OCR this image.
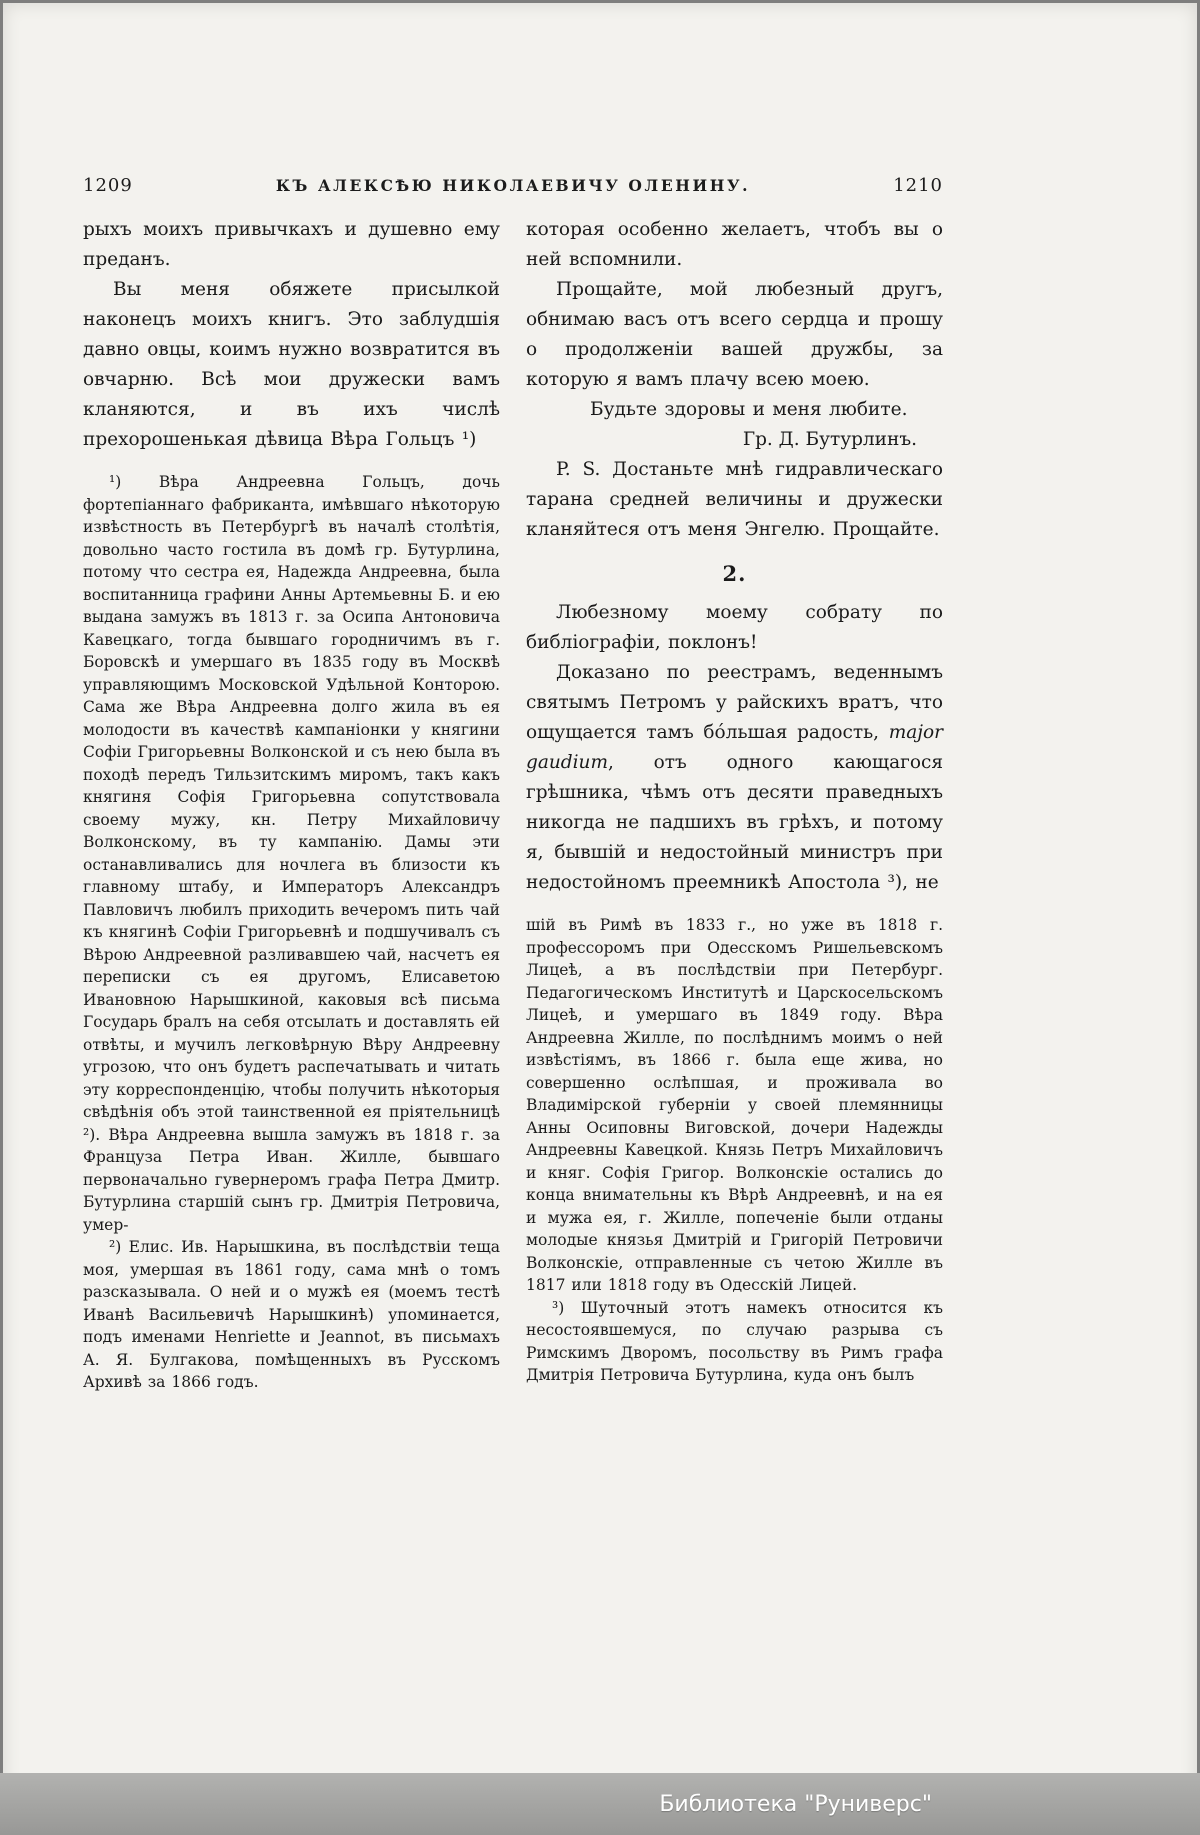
1209	КЪ АЛЕКСѢЮ НИКОЛАЕВИЧУ ОЛЕНИНУ.	1210

рыхъ моихъ привычкахъ и душевно ему преданъ.

Вы меня обяжете присылкой наконецъ моихъ книгъ. Это заблудшія давно овцы, коимъ нужно возвратится въ овчарню. Всѣ мои дружески вамъ кланяются, и въ ихъ числѣ прехорошенькая дѣвица Вѣра Гольцъ ¹)

¹) Вѣра Андреевна Гольцъ, дочь фортепіаннаго фабриканта, имѣвшаго нѣкоторую извѣстность въ Петербургѣ въ началѣ столѣтія, довольно часто гостила въ домѣ гр. Бутурлина, потому что сестра ея, Надежда Андреевна, была воспитанница графини Анны Артемьевны Б. и ею выдана замужъ въ 1813 г. за Осипа Антоновича Кавецкаго, тогда бывшаго городничимъ въ г. Боровскѣ и умершаго въ 1835 году въ Москвѣ управляющимъ Московской Удѣльной Конторою. Сама же Вѣра Андреевна долго жила въ ея молодости въ качествѣ кампаніонки у княгини Софіи Григорьевны Волконской и съ нею была въ походѣ передъ Тильзитскимъ миромъ, такъ какъ княгиня Софія Григорьевна сопутствовала своему мужу, кн. Петру Михайловичу Волконскому, въ ту кампанію. Дамы эти останавливались для ночлега въ близости къ главному штабу, и Императоръ Александръ Павловичъ любилъ приходить вечеромъ пить чай къ княгинѣ Софіи Григорьевнѣ и подшучивалъ съ Вѣрою Андреевной разливавшею чай, насчетъ ея переписки съ ея другомъ, Елисаветою Ивановною Нарышкиной, каковыя всѣ письма Государь бралъ на себя отсылать и доставлять ей отвѣты, и мучилъ легковѣрную Вѣру Андреевну угрозою, что онъ будетъ распечатывать и читать эту корреспонденцію, чтобы получить нѣкоторыя свѣдѣнія объ этой таинственной ея пріятельницѣ ²). Вѣра Андреевна вышла замужъ въ 1818 г. за Француза Петра Иван. Жилле, бывшаго первоначально гувернеромъ графа Петра Дмитр. Бутурлина старшій сынъ гр. Дмитрія Петровича, умер-

²) Елис. Ив. Нарышкина, въ послѣдствіи теща моя, умершая въ 1861 году, сама мнѣ о томъ разсказывала. О ней и о мужѣ ея (моемъ тестѣ Иванѣ Васильевичѣ Нарышкинѣ) упоминается, подъ именами Henriette и Jeannot, въ письмахъ А. Я. Булгакова, помѣщенныхъ въ Русскомъ Архивѣ за 1866 годъ.

которая особенно желаетъ, чтобъ вы о ней вспомнили.

Прощайте, мой любезный другъ, обнимаю васъ отъ всего сердца и прошу о продолженіи вашей дружбы, за которую я вамъ плачу всею моею.

Будьте здоровы и меня любите.

Гр. Д. Бутурлинъ.

P. S. Достаньте мнѣ гидравлическаго тарана средней величины и дружески кланяйтеся отъ меня Энгелю. Прощайте.

2.

Любезному моему собрату по библіографіи, поклонъ!

Доказано по реестрамъ, веденнымъ святымъ Петромъ у райскихъ вратъ, что ощущается тамъ бо́льшая радость, major gaudium, отъ одного кающагося грѣшника, чѣмъ отъ десяти праведныхъ никогда не падшихъ въ грѣхъ, и потому я, бывшій и недостойный министръ при недостойномъ преемникѣ Апостола ³), не

шій въ Римѣ въ 1833 г., но уже въ 1818 г. профессоромъ при Одесскомъ Ришельевскомъ Лицеѣ, а въ послѣдствіи при Петербург. Педагогическомъ Институтѣ и Царскосельскомъ Лицеѣ, и умершаго въ 1849 году. Вѣра Андреевна Жилле, по послѣднимъ моимъ о ней извѣстіямъ, въ 1866 г. была еще жива, но совершенно ослѣпшая, и проживала во Владимірской губерніи у своей племянницы Анны Осиповны Виговской, дочери Надежды Андреевны Кавецкой. Князь Петръ Михайловичъ и княг. Софія Григор. Волконскіе остались до конца внимательны къ Вѣрѣ Андреевнѣ, и на ея и мужа ея, г. Жилле, попеченіе были отданы молодые князья Дмитрій и Григорій Петровичи Волконскіе, отправленные съ четою Жилле въ 1817 или 1818 году въ Одесскій Лицей.

³) Шуточный этотъ намекъ относится къ несостоявшемуся, по случаю разрыва съ Римскимъ Дворомъ, посольству въ Римъ графа Дмитрія Петровича Бутурлина, куда онъ былъ

Библиотека "Руниверс"
